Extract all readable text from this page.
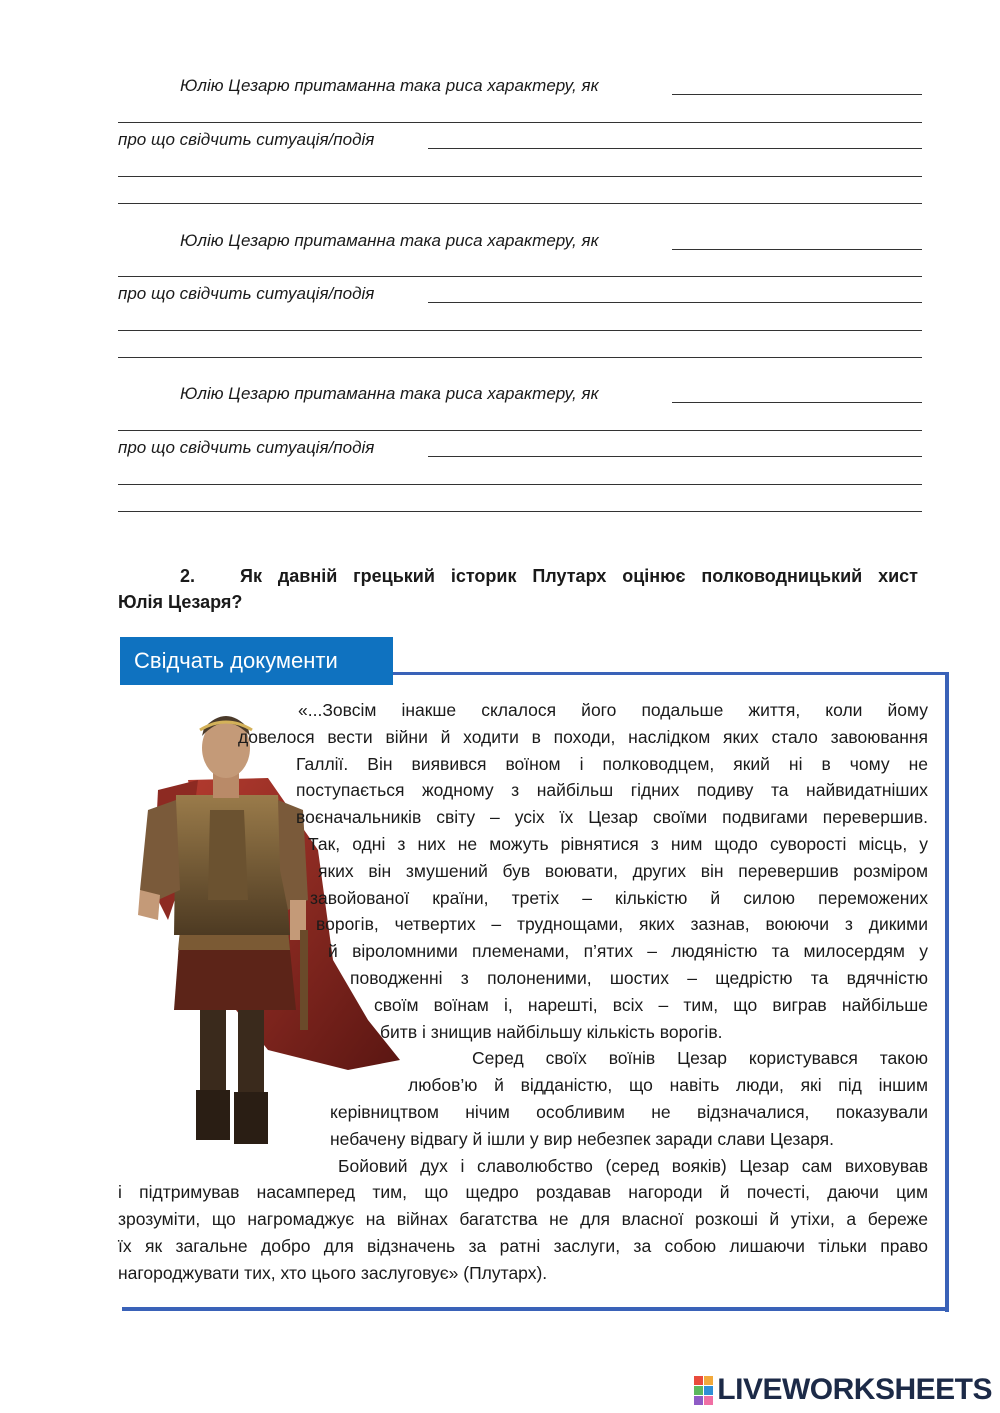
Юлію Цезарю притаманна така риса характеру, як
про що свідчить ситуація/подія
Юлію Цезарю притаманна така риса характеру, як
про що свідчить ситуація/подія
Юлію Цезарю притаманна така риса характеру, як
про що свідчить ситуація/подія
2. Як давній грецький історик Плутарх оцінює полководницький хист
Юлія Цезаря?
Свідчать документи
«...Зовсім інакше склалося його подальше життя, коли йому
довелося вести війни й ходити в походи, наслідком яких стало завоювання
Галлії. Він виявився воїном і полководцем, який ні в чому не
поступається жодному з найбільш гідних подиву та найвидатніших
воєначальників світу – усіх їх Цезар своїми подвигами перевершив.
Так, одні з них не можуть рівнятися з ним щодо суворості місць, у
яких він змушений був воювати, других він перевершив розміром
завойованої країни, третіх – кількістю й силою переможених
ворогів, четвертих – труднощами, яких зазнав, воюючи з дикими
й віроломними племенами, п’ятих – людяністю та милосердям у
поводженні з полоненими, шостих – щедрістю та вдячністю
своїм воїнам і, нарешті, всіх – тим, що виграв найбільше
битв і знищив найбільшу кількість ворогів.
Серед своїх воїнів Цезар користувався такою
любов’ю й відданістю, що навіть люди, які під іншим
керівництвом нічим особливим не відзначалися, показували
небачену відвагу й ішли у вир небезпек заради слави Цезаря.
Бойовий дух і славолюбство (серед вояків) Цезар сам виховував
і підтримував насамперед тим, що щедро роздавав нагороди й почесті, даючи цим
зрозуміти, що нагромаджує на війнах багатства не для власної розкоші й утіхи, а береже
їх як загальне добро для відзначень за ратні заслуги, за собою лишаючи тільки право
нагороджувати тих, хто цього заслуговує» (Плутарх).
LIVEWORKSHEETS
